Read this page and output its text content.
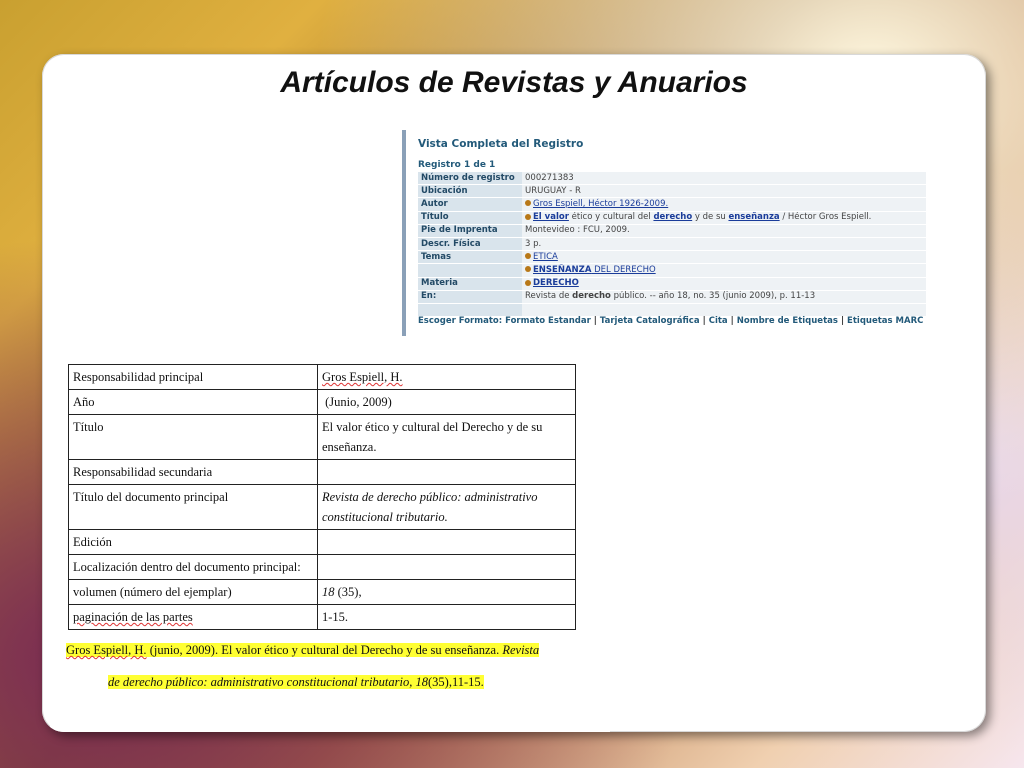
Artículos de Revistas y Anuarios
Vista Completa del Registro
Registro 1 de 1
Número de registro	000271383
Ubicación	URUGUAY - R
Autor	Gros Espiell, Héctor 1926-2009.
Título	El valor ético y cultural del derecho y de su enseñanza / Héctor Gros Espiell.
Pie de Imprenta	Montevideo : FCU, 2009.
Descr. Física	3 p.
Temas	ETICA
	ENSEÑANZA DEL DERECHO
Materia	DERECHO
En:	Revista de derecho público. -- año 18, no. 35 (junio 2009), p. 11-13

Escoger Formato: Formato Estandar | Tarjeta Catalográfica | Cita | Nombre de Etiquetas | Etiquetas MARC
Responsabilidad principal	Gros Espiell, H.
Año	(Junio, 2009)
Título	El valor ético y cultural del Derecho y de su enseñanza.
Responsabilidad secundaria	
Título del documento principal	Revista de derecho público: administrativo constitucional tributario.
Edición	
Localización dentro del documento principal:	
volumen (número del ejemplar)	18 (35),
paginación de las partes	1-15.
Gros Espiell, H. (junio, 2009). El valor ético y cultural del Derecho y de su enseñanza. Revista
de derecho público: administrativo constitucional tributario, 18(35),11-15.
